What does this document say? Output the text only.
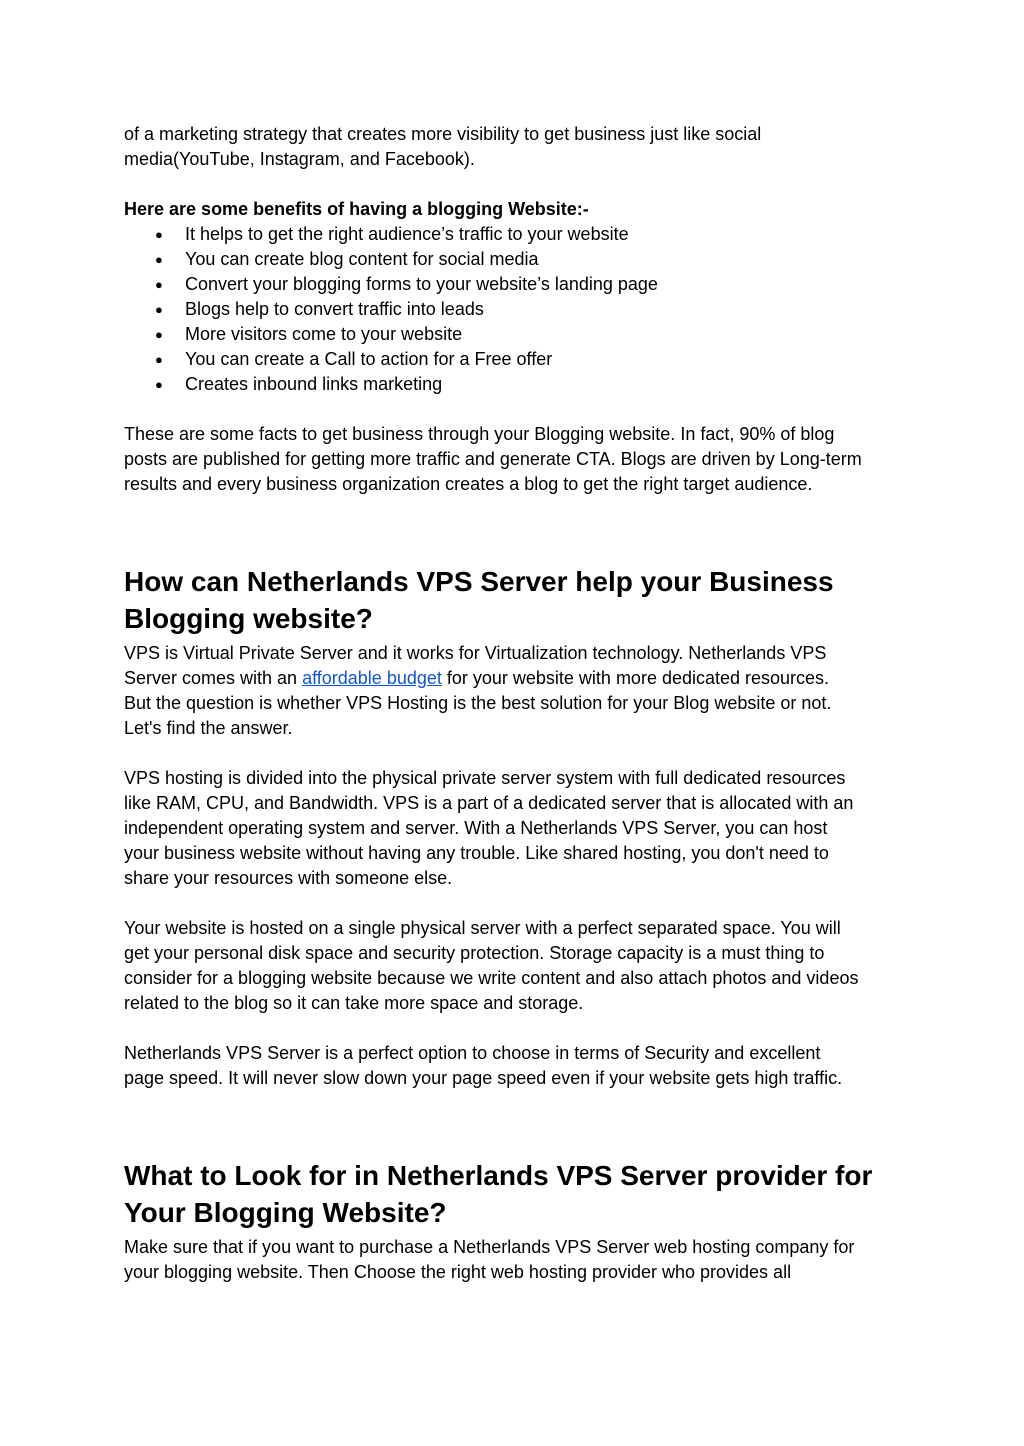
of a marketing strategy that creates more visibility to get business just like social

media(YouTube, Instagram, and Facebook).

Here are some benefits of having a blogging Website:-

● It helps to get the right audience’s traffic to your website
● You can create blog content for social media
● Convert your blogging forms to your website’s landing page
● Blogs help to convert traffic into leads
● More visitors come to your website
● You can create a Call to action for a Free offer
● Creates inbound links marketing

These are some facts to get business through your Blogging website. In fact, 90% of blog

posts are published for getting more traffic and generate CTA. Blogs are driven by Long-term

results and every business organization creates a blog to get the right target audience.

How can Netherlands VPS Server help your Business
Blogging website?

VPS is Virtual Private Server and it works for Virtualization technology. Netherlands VPS

Server comes with an affordable budget for your website with more dedicated resources.

But the question is whether VPS Hosting is the best solution for your Blog website or not.

Let's find the answer.

VPS hosting is divided into the physical private server system with full dedicated resources

like RAM, CPU, and Bandwidth. VPS is a part of a dedicated server that is allocated with an

independent operating system and server. With a Netherlands VPS Server, you can host

your business website without having any trouble. Like shared hosting, you don't need to

share your resources with someone else.

Your website is hosted on a single physical server with a perfect separated space. You will

get your personal disk space and security protection. Storage capacity is a must thing to

consider for a blogging website because we write content and also attach photos and videos

related to the blog so it can take more space and storage.

Netherlands VPS Server is a perfect option to choose in terms of Security and excellent

page speed. It will never slow down your page speed even if your website gets high traffic.

What to Look for in Netherlands VPS Server provider for
Your Blogging Website?

Make sure that if you want to purchase a Netherlands VPS Server web hosting company for

your blogging website. Then Choose the right web hosting provider who provides all
